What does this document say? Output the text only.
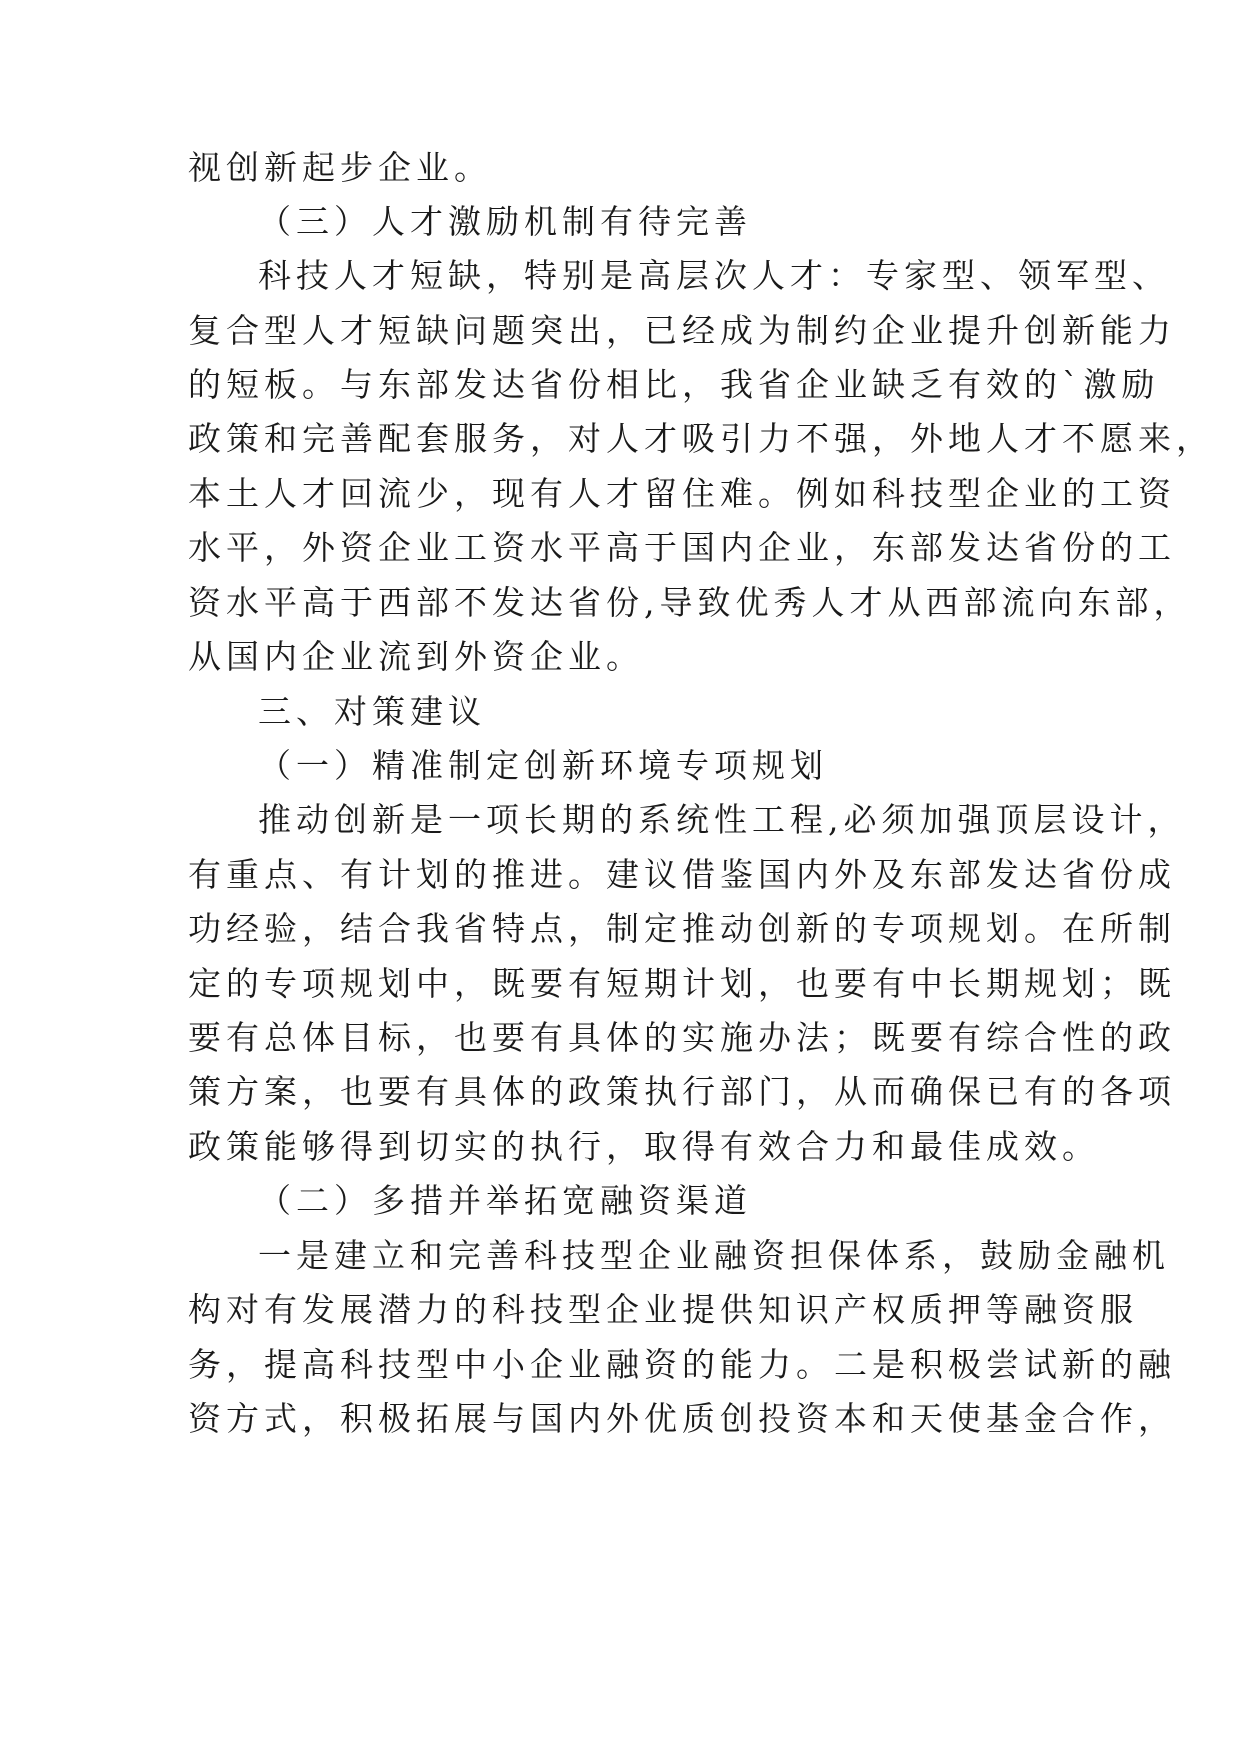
视创新起步企业。
（三）人才激励机制有待完善
科技人才短缺，特别是高层次人才：专家型、领军型、
复合型人才短缺问题突出，已经成为制约企业提升创新能力
的短板。与东部发达省份相比，我省企业缺乏有效的`激励
政策和完善配套服务，对人才吸引力不强，外地人才不愿来，
本土人才回流少，现有人才留住难。例如科技型企业的工资
水平，外资企业工资水平高于国内企业，东部发达省份的工
资水平高于西部不发达省份,导致优秀人才从西部流向东部，
从国内企业流到外资企业。
三、对策建议
（一）精准制定创新环境专项规划
推动创新是一项长期的系统性工程,必须加强顶层设计，
有重点、有计划的推进。建议借鉴国内外及东部发达省份成
功经验，结合我省特点，制定推动创新的专项规划。在所制
定的专项规划中，既要有短期计划，也要有中长期规划；既
要有总体目标，也要有具体的实施办法；既要有综合性的政
策方案，也要有具体的政策执行部门，从而确保已有的各项
政策能够得到切实的执行，取得有效合力和最佳成效。
（二）多措并举拓宽融资渠道
一是建立和完善科技型企业融资担保体系，鼓励金融机
构对有发展潜力的科技型企业提供知识产权质押等融资服
务，提高科技型中小企业融资的能力。二是积极尝试新的融
资方式，积极拓展与国内外优质创投资本和天使基金合作，
